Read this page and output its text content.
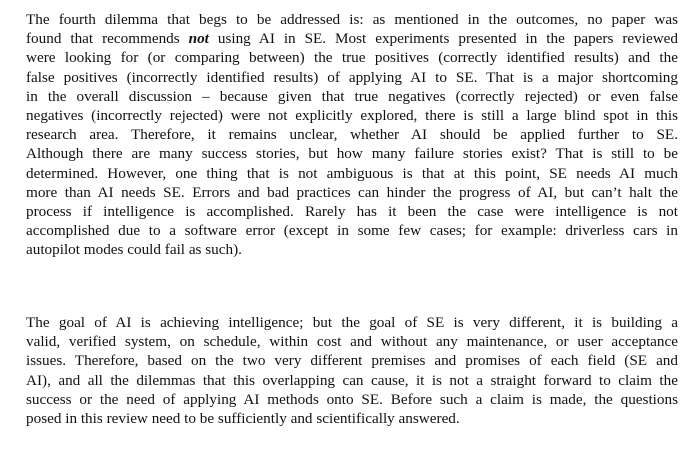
The fourth dilemma that begs to be addressed is: as mentioned in the outcomes, no paper was
found that recommends not using AI in SE. Most experiments presented in the papers reviewed
were looking for (or comparing between) the true positives (correctly identified results) and the
false positives (incorrectly identified results) of applying AI to SE. That is a major shortcoming
in the overall discussion – because given that true negatives (correctly rejected) or even false
negatives (incorrectly rejected) were not explicitly explored, there is still a large blind spot in this
research area. Therefore, it remains unclear, whether AI should be applied further to SE.
Although there are many success stories, but how many failure stories exist? That is still to be
determined. However, one thing that is not ambiguous is that at this point, SE needs AI much
more than AI needs SE. Errors and bad practices can hinder the progress of AI, but can’t halt the
process if intelligence is accomplished. Rarely has it been the case were intelligence is not
accomplished due to a software error (except in some few cases; for example: driverless cars in
autopilot modes could fail as such).
The goal of AI is achieving intelligence; but the goal of SE is very different, it is building a
valid, verified system, on schedule, within cost and without any maintenance, or user acceptance
issues. Therefore, based on the two very different premises and promises of each field (SE and
AI), and all the dilemmas that this overlapping can cause, it is not a straight forward to claim the
success or the need of applying AI methods onto SE. Before such a claim is made, the questions
posed in this review need to be sufficiently and scientifically answered.
